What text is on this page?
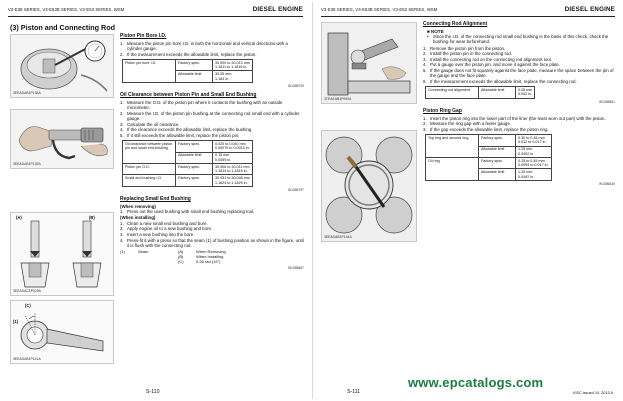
V3-E38 SERIES, V3-E53B SERIES, V3-E53 SERIES, WSM	DIESEL ENGINE
(3) Piston and Connecting Rod
3EEADAB1P138A
3EEADAB1P139A
(A)	(B)
3EEADAC1P025A
(C)
(1)
3EEADAB1P141A
Piston Pin Bore I.D.
1. Measure the piston pin bore I.D. in both the horizontal and vertical directions with a cylinder gauge.
2. If the measurement exceeds the allowable limit, replace the piston.
Piston pin bore I.D.	Factory spec.	30.000 to 30.013 mm
1.1811 to 1.1816 in.
	Allowable limit	30.05 mm
1.183 in.
W1085700
Oil Clearance between Piston Pin and Small End Bushing
1. Measure the O.D. of the piston pin where it contacts the bushing with an outside micrometer.
2. Measure the I.D. of the piston pin bushing at the connecting rod small end with a cylinder gauge.
3. Calculate the oil clearance.
4. If the clearance exceeds the allowable limit, replace the bushing.
5. If it still exceeds the allowable limit, replace the piston pin.
Oil clearance between piston pin and small end bushing	Factory spec.	0.020 to 0.040 mm
0.00079 to 0.0015 in.
	Allowable limit	0.15 mm
0.0059 in.
Piston pin O.D.	Factory spec.	30.006 to 30.011 mm
1.1814 to 1.1815 in.
Small end bushing I.D.	Factory spec.	30.031 to 30.046 mm
1.1824 to 1.1829 in.
W1085797
Replacing Small End Bushing
(When removing)
1. Press out the used bushing with small end bushing replacing tool.
(When installing)
1. Clean a new small end bushing and bore.
2. Apply engine oil to a new bushing and bore.
3. Insert a new bushing into the bore.
4. Press-fit it with a press so that the seam (1) of bushing position as shown in the figure, until it is flush with the connecting rod.
(1)	Seam	(A)	When Removing
(B)	When Installing
(C)	0.26 rad (15°)
W1085867
S-110
V3-E38 SERIES, V3-E53B SERIES, V3-E53 SERIES, WSM	DIESEL ENGINE
3TEAEAB1P050A
3EEADAB1P144A
Connecting Rod Alignment
■ NOTE
• Since the I.D. of the connecting rod small end bushing is the basis of this check, check the bushing for wear beforehand.
1. Remove the piston pin from the piston.
2. Install the piston pin in the connecting rod.
3. Install the connecting rod on the connecting rod alignment tool.
4. Put a gauge over the piston pin, and move it against the face plate.
5. If the gauge does not fit squarely against the face plate, measure the space between the pin of the gauge and the face plate.
6. If the measurement exceeds the allowable limit, replace the connecting rod.
Connecting rod alignment	Allowable limit	0.05 mm
0.002 in.
W1085851
Piston Ring Gap
1. Insert the piston ring into the lower part of the liner (the least worn out part) with the piston.
2. Measure the ring gap with a feeler gauge.
3. If the gap exceeds the allowable limit, replace the piston ring.
Top ring and second ring	Factory spec.	0.30 to 0.45 mm
0.012 to 0.017 in.
	Allowable limit	1.25 mm
0.0492 in.
Oil ring	Factory spec.	0.25 to 0.45 mm
0.0099 to 0.017 in.
	Allowable limit	1.25 mm
0.0492 in.
W1086430
S-111	KiSC issued 10, 2013 A
www.epcatalogs.com
